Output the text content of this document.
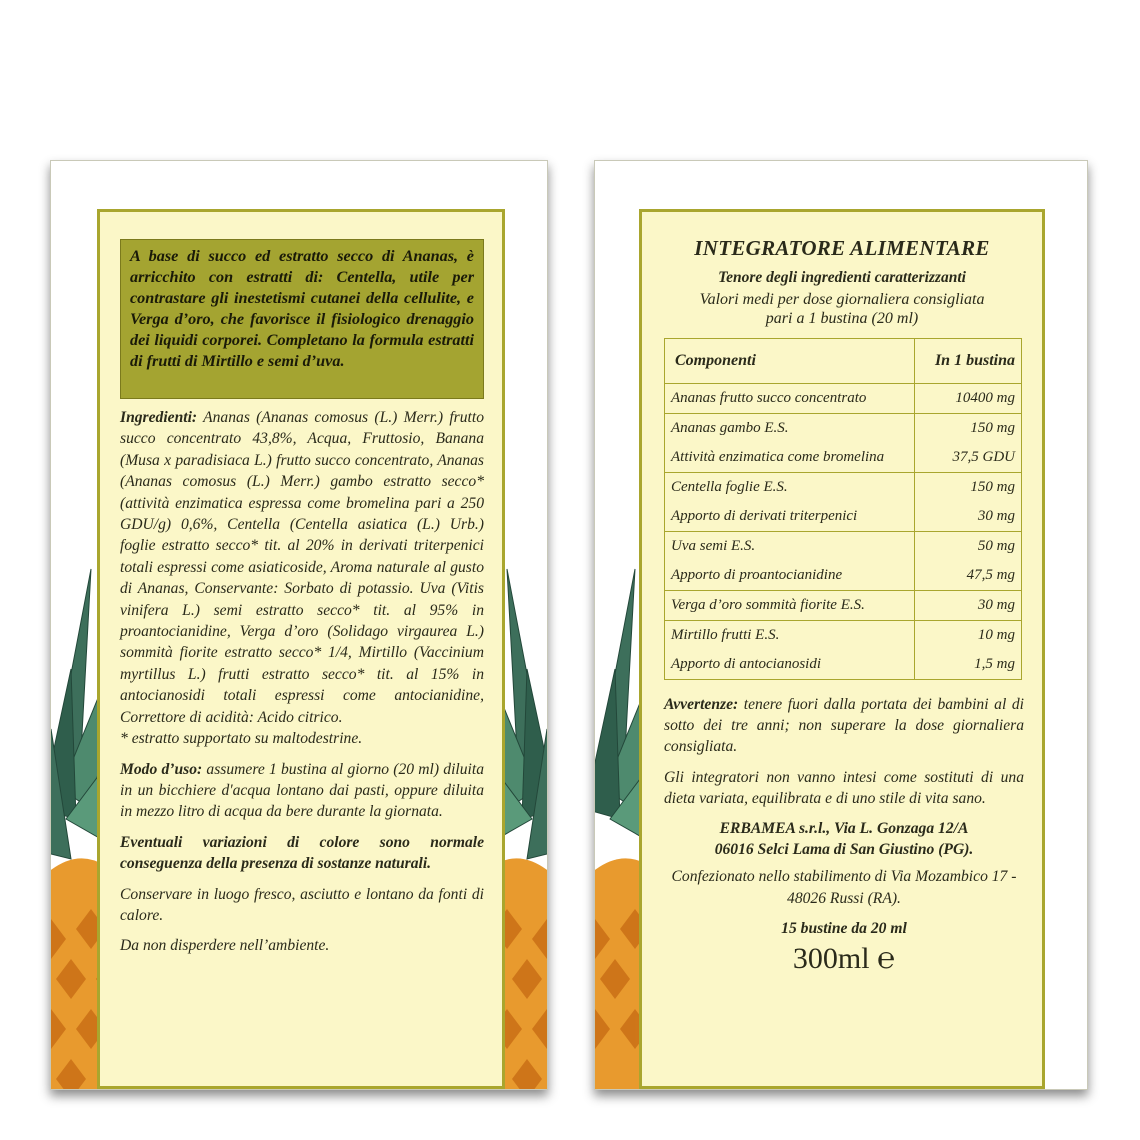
A base di succo ed estratto secco di Ananas, è arricchito con estratti di: Centella, utile per contrastare gli inestetismi cutanei della cellulite, e Verga d’oro, che favorisce il fisiologico drenaggio dei liquidi corporei. Completano la formula estratti di frutti di Mirtillo e semi d’uva.

Ingredienti: Ananas (Ananas comosus (L.) Merr.) frutto succo concentrato 43,8%, Acqua, Fruttosio, Banana (Musa x paradisiaca L.) frutto succo concentrato, Ananas (Ananas comosus (L.) Merr.) gambo estratto secco* (attività enzimatica espressa come bromelina pari a 250 GDU/g) 0,6%, Centella (Centella asiatica (L.) Urb.) foglie estratto secco* tit. al 20% in derivati triterpenici totali espressi come asiaticoside, Aroma naturale al gusto di Ananas, Conservante: Sorbato di potassio. Uva (Vitis vinifera L.) semi estratto secco* tit. al 95% in proantocianidine, Verga d’oro (Solidago virgaurea L.) sommità fiorite estratto secco* 1/4, Mirtillo (Vaccinium myrtillus L.) frutti estratto secco* tit. al 15% in antocianosidi totali espressi come antocianidine, Correttore di acidità: Acido citrico.

* estratto supportato su maltodestrine.

Modo d’uso: assumere 1 bustina al giorno (20 ml) diluita in un bicchiere d'acqua lontano dai pasti, oppure diluita in mezzo litro di acqua da bere durante la giornata.

Eventuali variazioni di colore sono normale conseguenza della presenza di sostanze naturali.

Conservare in luogo fresco, asciutto e lontano da fonti di calore.

Da non disperdere nell’ambiente.

INTEGRATORE ALIMENTARE
Tenore degli ingredienti caratterizzanti
Valori medi per dose giornaliera consigliata
pari a 1 bustina (20 ml)
Componenti	In 1 bustina
Ananas frutto succo concentrato	10400 mg
Ananas gambo E.S.	150 mg
Attività enzimatica come bromelina	37,5 GDU
Centella foglie E.S.	150 mg
Apporto di derivati triterpenici	30 mg
Uva semi E.S.	50 mg
Apporto di proantocianidine	47,5 mg
Verga d’oro sommità fiorite E.S.	30 mg
Mirtillo frutti E.S.	10 mg
Apporto di antocianosidi	1,5 mg

Avvertenze: tenere fuori dalla portata dei bambini al di sotto dei tre anni; non superare la dose giornaliera consigliata.

Gli integratori non vanno intesi come sostituti di una dieta variata, equilibrata e di uno stile di vita sano.

ERBAMEA s.r.l., Via L. Gonzaga 12/A
06016 Selci Lama di San Giustino (PG).

Confezionato nello stabilimento di Via Mozambico 17 - 48026 Russi (RA).

15 bustine da 20 ml

300ml ℮
